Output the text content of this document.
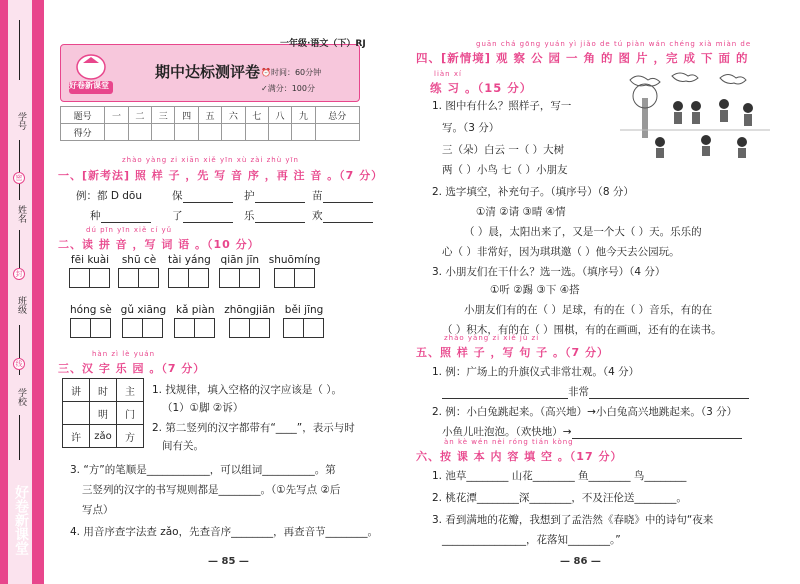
学号
密
姓名
封
班级
线
学校
好卷新课堂
好卷新课堂
期中达标测评卷 ⏰时间：60分钟
✓满分：100分
一年级·语文（下）RJ
题号	一	二	三	四	五	六	七	八	九	总分
得分										
zhào yàng zi xiān xiě yīn xù zài zhù yīn
一、[新考法] 照 样 子 ，先 写 音 序 ，再 注 音 。（7 分）
例：都 D dōu	保	护	苗
种	了	乐	欢
dú pīn yīn xiě cí yǔ
二、读 拼 音 ，写 词 语 。（10 分）
fēi kuài shū cè tài yáng qiān jīn shuōmíng
hóng sè gǔ xiāng kǎ piàn zhōngjiān běi jīng
hàn zì lè yuán
三、汉 字 乐 园 。（7 分）
讲	时	主
	明	门
许	zǎo	方
1. 找规律，填入空格的汉字应该是（ ）。
（1）①脚 ②诉）
2. 第二竖列的汉字都带有“____”，表示与时
间有关。
3. “方”的笔顺是____________，可以组词__________。第
三竖列的汉字的书写规则都是________。（①先写点 ②后
写点）
4. 用音序查字法查 zǎo，先查音序________，再查音节________。
— 85 —
guān chá gōng yuán yì jiǎo de tú piàn wán chéng xià miàn de
四、[新情境] 观 察 公 园 一 角 的 图 片 ，完 成 下 面 的
liàn xí
练 习 。（15 分）
1. 图中有什么？照样子，写一
写。（3 分）
三（朵）白云 一（ ）大树
两（ ）小鸟 七（ ）小朋友
2. 选字填空，补充句子。（填序号）（8 分）
①清 ②请 ③晴 ④情
（ ）晨，太阳出来了，又是一个大（ ）天。乐乐的
心（ ）非常好，因为琪琪邀（ ）他今天去公园玩。
3. 小朋友们在干什么？选一选。（填序号）（4 分）
①听 ②踢 ③下 ④搭
小朋友们有的在（ ）足球，有的在（ ）音乐，有的在
（ ）积木，有的在（ ）围棋，有的在画画，还有的在读书。
zhào yàng zi xiě jù zi
五、照 样 子 ，写 句 子 。（7 分）
1. 例：广场上的升旗仪式非常壮观。（4 分）
非常
2. 例：小白兔跳起来。（高兴地）→小白兔高兴地跳起来。（3 分）
小鱼儿吐泡泡。（欢快地）→
àn kè wén nèi róng tián kòng
六、按 课 本 内 容 填 空 。（17 分）
1. 池草________ 山花________ 鱼________ 鸟________
2. 桃花潭________深________，不及汪伦送________。
3. 看到满地的花瓣，我想到了孟浩然《春晓》中的诗句“夜来
________________，花落知________。”
— 86 —
